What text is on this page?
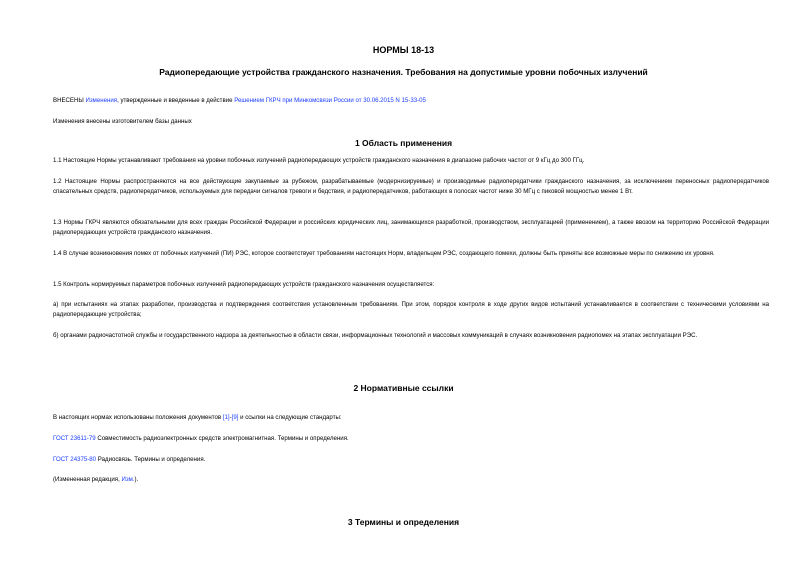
НОРМЫ 18-13
Радиопередающие устройства гражданского назначения. Требования на допустимые уровни побочных излучений

ВНЕСЕНЫ Изменения, утвержденные и введенные в действие Решением ГКРЧ при Минкомсвязи России от 30.06.2015 N 15-33-05

Изменения внесены изготовителем базы данных

1 Область применения

1.1 Настоящие Нормы устанавливают требования на уровни побочных излучений радиопередающих устройств гражданского назначения в диапазоне рабочих частот от 9 кГц до 300 ГГц.

1.2 Настоящие Нормы распространяются на все действующие закупаемые за рубежом, разрабатываемые (модернизируемые) и производимые радиопередатчики гражданского назначения, за исключением переносных радиопередатчиков спасательных средств, радиопередатчиков, используемых для передачи сигналов тревоги и бедствия, и радиопередатчиков, работающих в полосах частот ниже 30 МГц с пиковой мощностью менее 1 Вт.

1.3 Нормы ГКРЧ являются обязательными для всех граждан Российской Федерации и российских юридических лиц, занимающихся разработкой, производством, эксплуатацией (применением), а также ввозом на территорию Российской Федерации радиопередающих устройств гражданского назначения.

1.4 В случае возникновения помех от побочных излучений (ПИ) РЭС, которое соответствует требованиям настоящих Норм, владельцем РЭС, создающего помехи, должны быть приняты все возможные меры по снижению их уровня.

1.5 Контроль нормируемых параметров побочных излучений радиопередающих устройств гражданского назначения осуществляется:

а) при испытаниях на этапах разработки, производства и подтверждения соответствия установленным требованиям. При этом, порядок контроля в ходе других видов испытаний устанавливается в соответствии с техническими условиями на радиопередающие устройства;

б) органами радиочастотной службы и государственного надзора за деятельностью в области связи, информационных технологий и массовых коммуникаций в случаях возникновения радиопомех на этапах эксплуатации РЭС.

2 Нормативные ссылки

В настоящих нормах использованы положения документов [1]-[9] и ссылки на следующие стандарты:

ГОСТ 23611-79 Совместимость радиоэлектронных средств электромагнитная. Термины и определения.

ГОСТ 24375-80 Радиосвязь. Термины и определения.

(Измененная редакция, Изм.).

3 Термины и определения
